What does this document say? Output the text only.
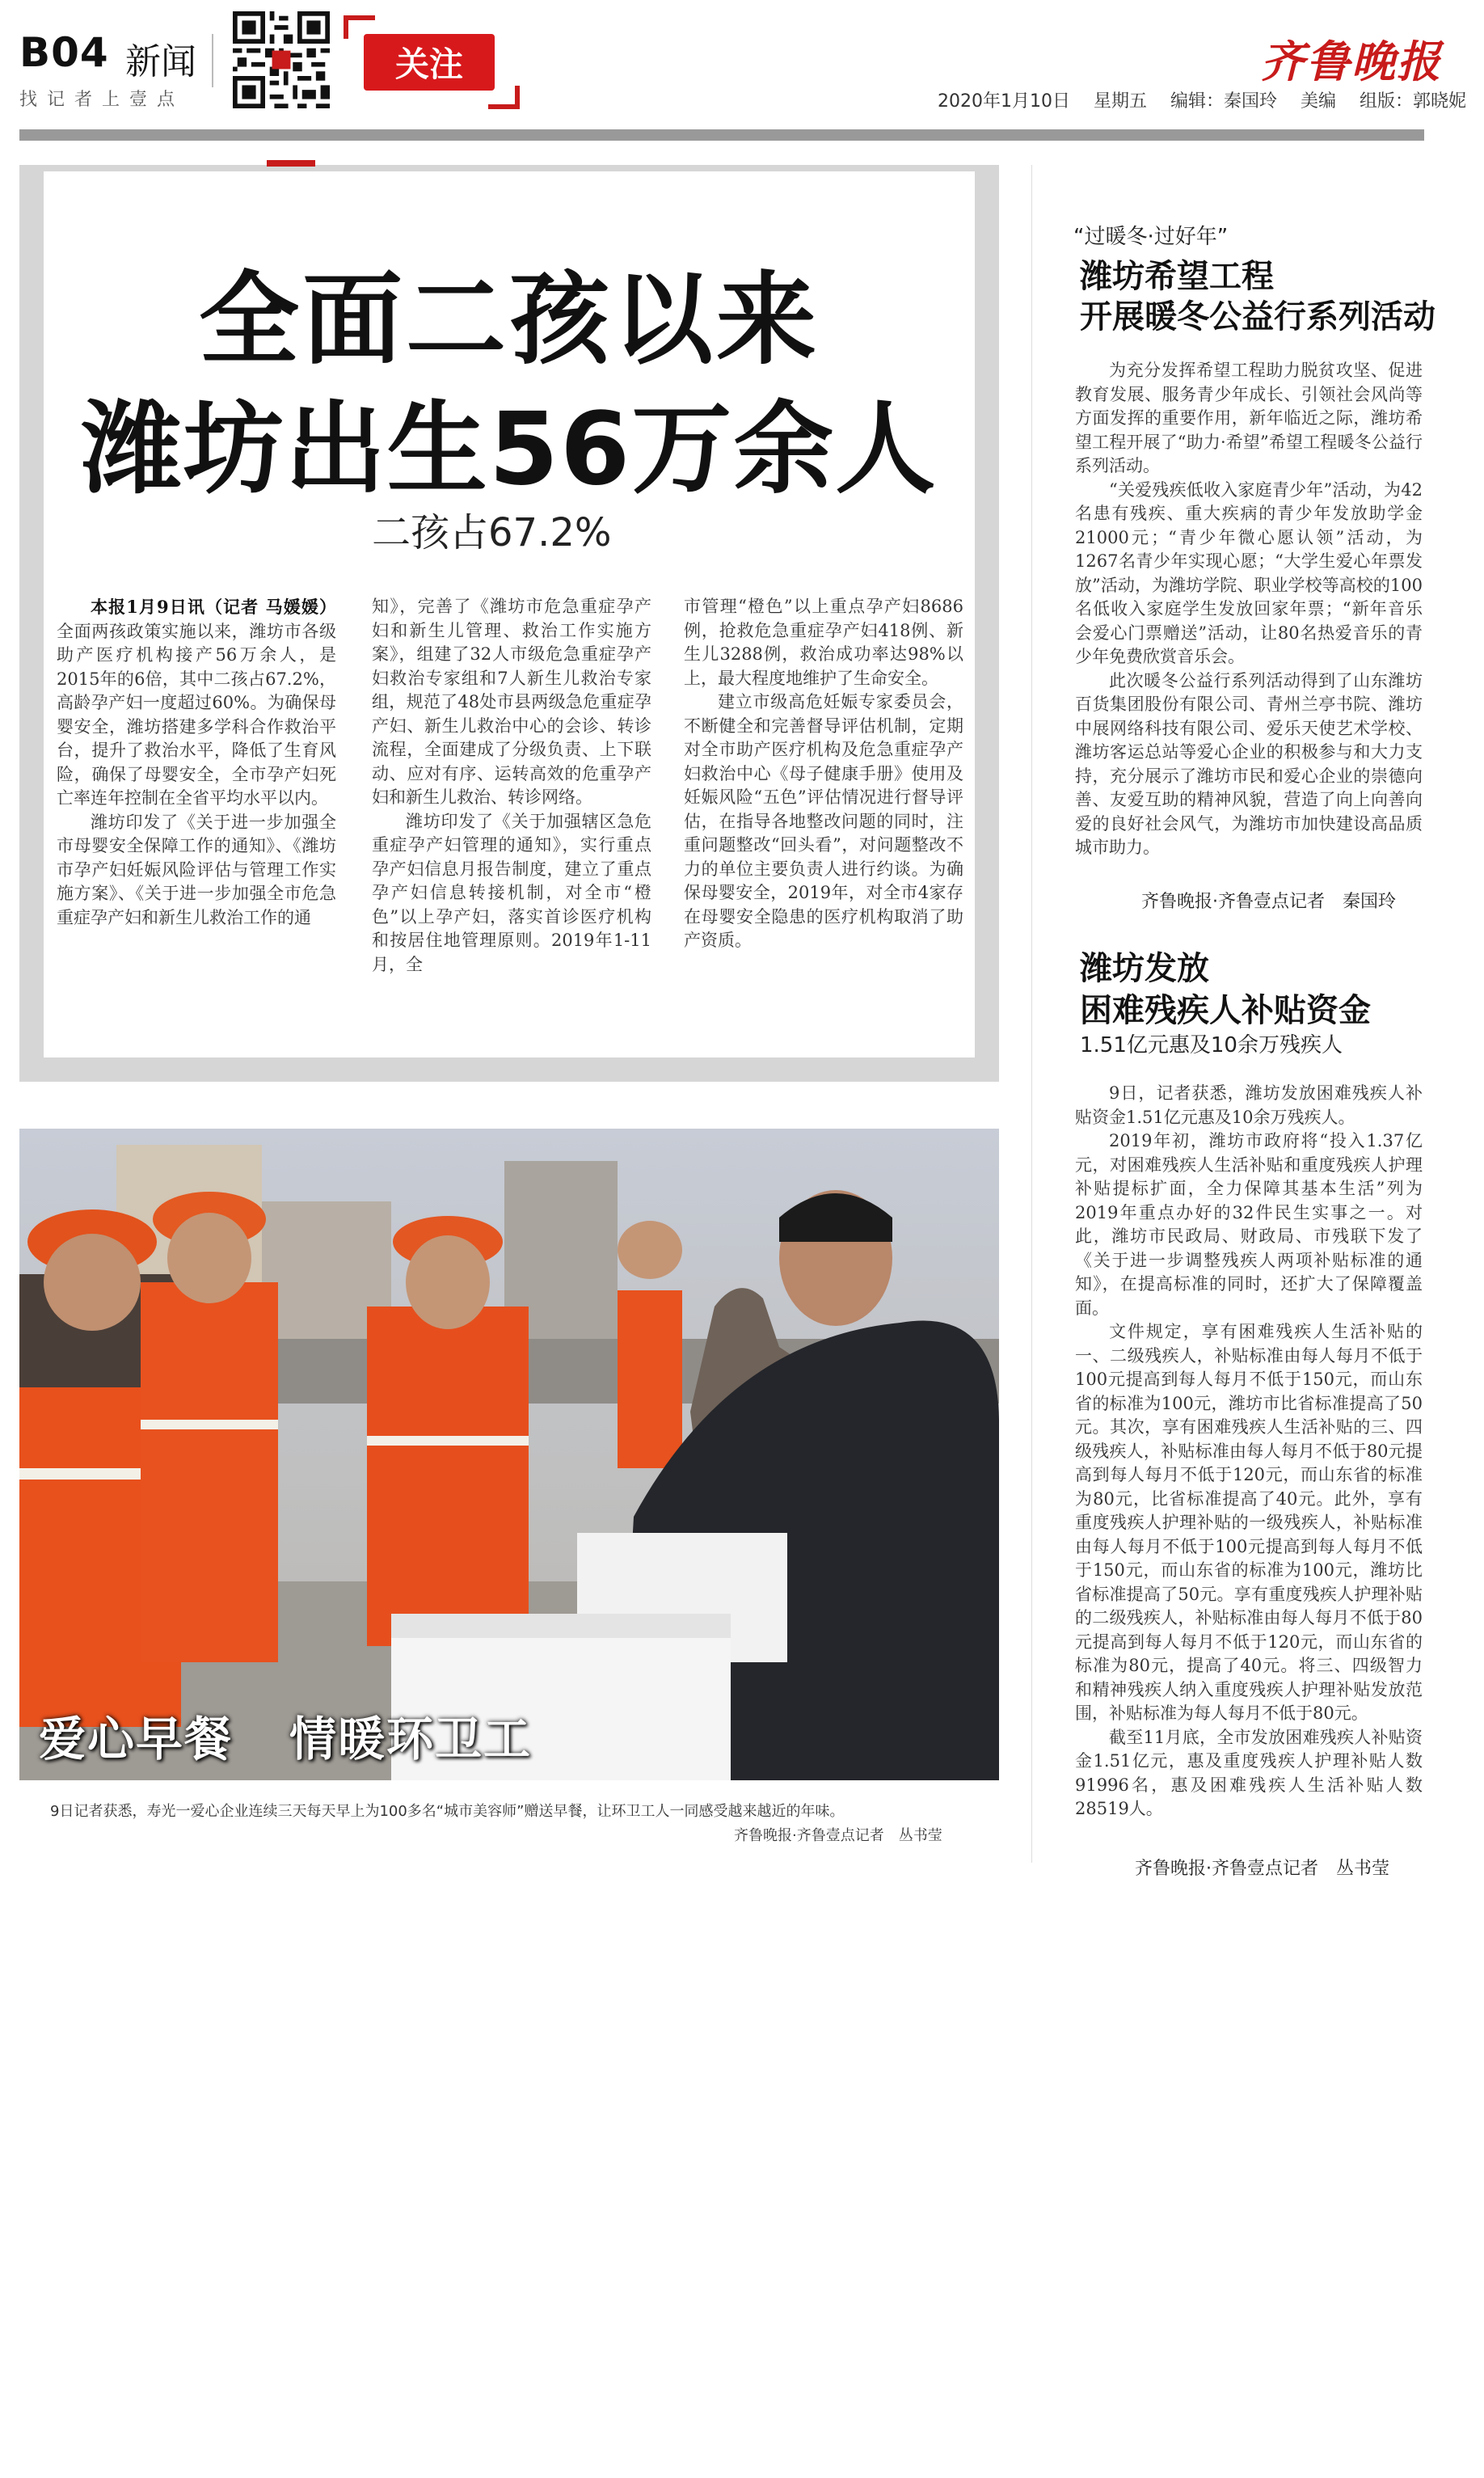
B04 新闻
找记者上壹点
关注	齐鲁晚报
2020年1月10日 星期五 编辑：秦国玲 美编 组版：郭晓妮
全面二孩以来
潍坊出生56万余人
二孩占67.2%

本报1月9日讯（记者 马媛媛）全面两孩政策实施以来，潍坊市各级助产医疗机构接产56万余人，是2015年的6倍，其中二孩占67.2%，高龄孕产妇一度超过60%。为确保母婴安全，潍坊搭建多学科合作救治平台，提升了救治水平，降低了生育风险，确保了母婴安全，全市孕产妇死亡率连年控制在全省平均水平以内。

潍坊印发了《关于进一步加强全市母婴安全保障工作的通知》、《潍坊市孕产妇妊娠风险评估与管理工作实施方案》、《关于进一步加强全市危急重症孕产妇和新生儿救治工作的通

知》，完善了《潍坊市危急重症孕产妇和新生儿管理、救治工作实施方案》，组建了32人市级危急重症孕产妇救治专家组和7人新生儿救治专家组，规范了48处市县两级急危重症孕产妇、新生儿救治中心的会诊、转诊流程，全面建成了分级负责、上下联动、应对有序、运转高效的危重孕产妇和新生儿救治、转诊网络。

潍坊印发了《关于加强辖区急危重症孕产妇管理的通知》，实行重点孕产妇信息月报告制度，建立了重点孕产妇信息转接机制，对全市“橙色”以上孕产妇，落实首诊医疗机构和按居住地管理原则。2019年1-11月，全

市管理“橙色”以上重点孕产妇8686例，抢救危急重症孕产妇418例、新生儿3288例，救治成功率达98%以上，最大程度地维护了生命安全。

建立市级高危妊娠专家委员会，不断健全和完善督导评估机制，定期对全市助产医疗机构及危急重症孕产妇救治中心《母子健康手册》使用及妊娠风险“五色”评估情况进行督导评估，在指导各地整改问题的同时，注重问题整改“回头看”，对问题整改不力的单位主要负责人进行约谈。为确保母婴安全，2019年，对全市4家存在母婴安全隐患的医疗机构取消了助产资质。

爱心早餐 情暖环卫工
9日记者获悉，寿光一爱心企业连续三天每天早上为100多名“城市美容师”赠送早餐，让环卫工人一同感受越来越近的年味。
齐鲁晚报·齐鲁壹点记者　丛书莹
“过暖冬·过好年”
潍坊希望工程
开展暖冬公益行系列活动

为充分发挥希望工程助力脱贫攻坚、促进教育发展、服务青少年成长、引领社会风尚等方面发挥的重要作用，新年临近之际，潍坊希望工程开展了“助力·希望”希望工程暖冬公益行系列活动。

“关爱残疾低收入家庭青少年”活动，为42名患有残疾、重大疾病的青少年发放助学金21000元；“青少年微心愿认领”活动，为1267名青少年实现心愿；“大学生爱心年票发放”活动，为潍坊学院、职业学校等高校的100名低收入家庭学生发放回家年票；“新年音乐会爱心门票赠送”活动，让80名热爱音乐的青少年免费欣赏音乐会。

此次暖冬公益行系列活动得到了山东潍坊百货集团股份有限公司、青州兰亭书院、潍坊中展网络科技有限公司、爱乐天使艺术学校、潍坊客运总站等爱心企业的积极参与和大力支持，充分展示了潍坊市民和爱心企业的崇德向善、友爱互助的精神风貌，营造了向上向善向爱的良好社会风气，为潍坊市加快建设高品质城市助力。

齐鲁晚报·齐鲁壹点记者　秦国玲
潍坊发放
困难残疾人补贴资金
1.51亿元惠及10余万残疾人

9日，记者获悉，潍坊发放困难残疾人补贴资金1.51亿元惠及10余万残疾人。

2019年初，潍坊市政府将“投入1.37亿元，对困难残疾人生活补贴和重度残疾人护理补贴提标扩面，全力保障其基本生活”列为2019年重点办好的32件民生实事之一。对此，潍坊市民政局、财政局、市残联下发了《关于进一步调整残疾人两项补贴标准的通知》，在提高标准的同时，还扩大了保障覆盖面。

文件规定，享有困难残疾人生活补贴的一、二级残疾人，补贴标准由每人每月不低于100元提高到每人每月不低于150元，而山东省的标准为100元，潍坊市比省标准提高了50元。其次，享有困难残疾人生活补贴的三、四级残疾人，补贴标准由每人每月不低于80元提高到每人每月不低于120元，而山东省的标准为80元，比省标准提高了40元。此外，享有重度残疾人护理补贴的一级残疾人，补贴标准由每人每月不低于100元提高到每人每月不低于150元，而山东省的标准为100元，潍坊比省标准提高了50元。享有重度残疾人护理补贴的二级残疾人，补贴标准由每人每月不低于80元提高到每人每月不低于120元，而山东省的标准为80元，提高了40元。将三、四级智力和精神残疾人纳入重度残疾人护理补贴发放范围，补贴标准为每人每月不低于80元。

截至11月底，全市发放困难残疾人补贴资金1.51亿元，惠及重度残疾人护理补贴人数91996名，惠及困难残疾人生活补贴人数28519人。

齐鲁晚报·齐鲁壹点记者　丛书莹
